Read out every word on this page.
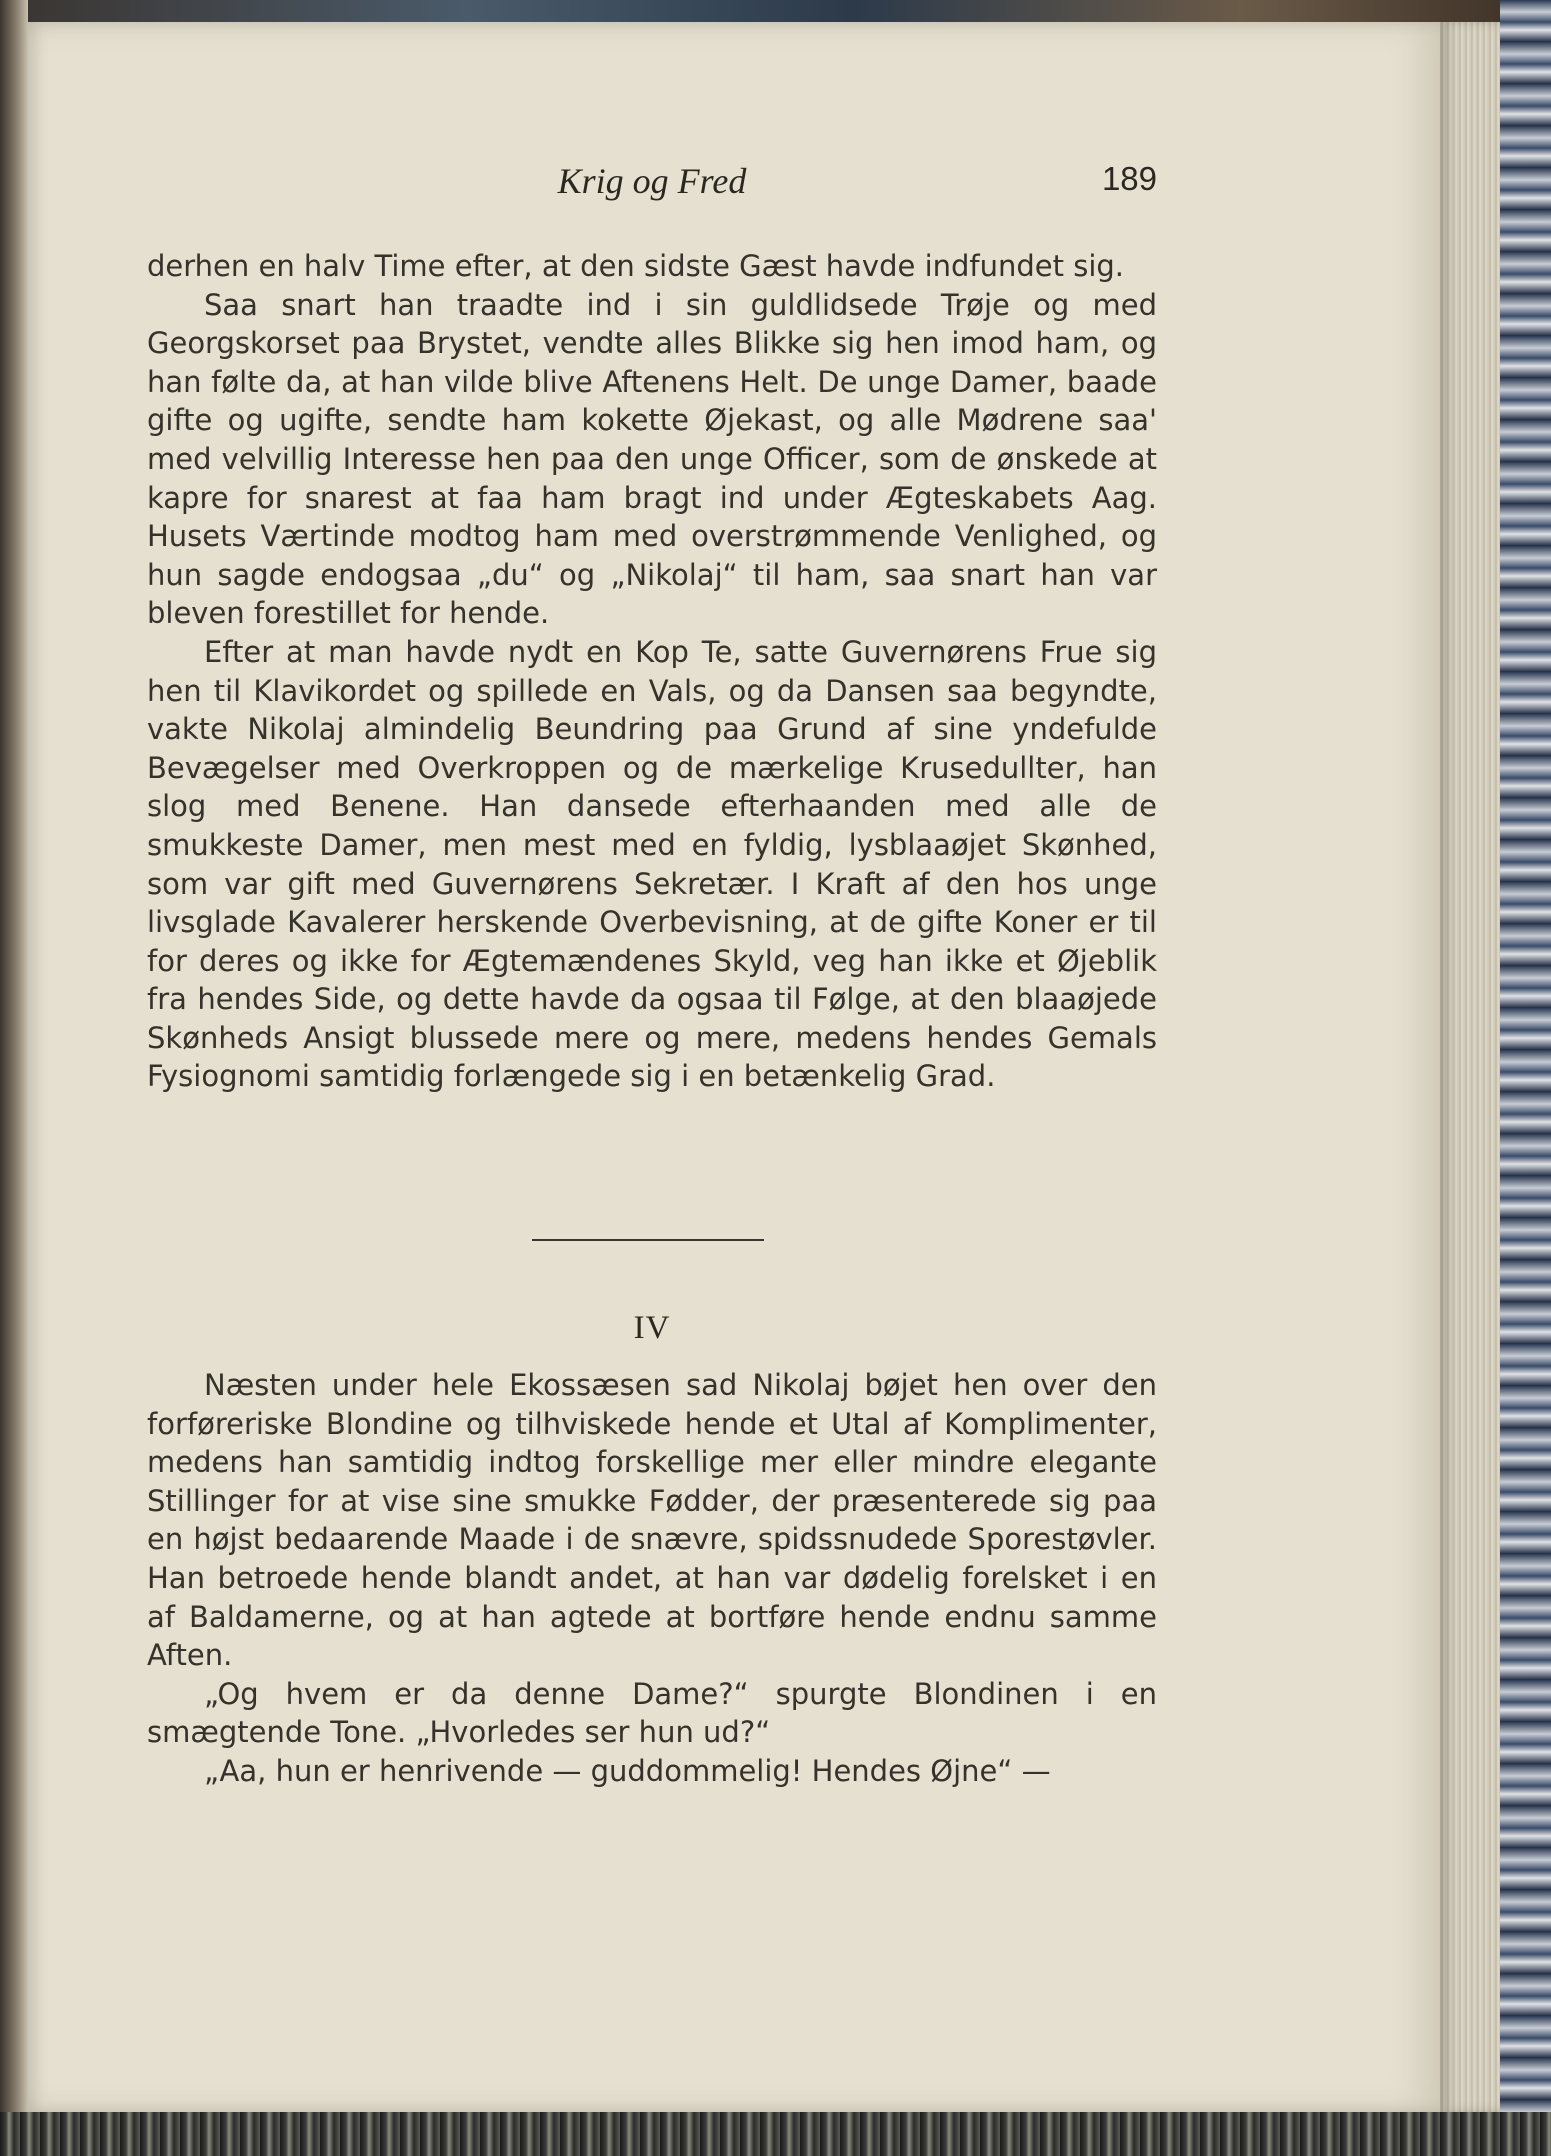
Krig og Fred	189

derhen en halv Time efter, at den sidste Gæst havde indfundet sig.

Saa snart han traadte ind i sin guldlidsede Trøje og med Georgskorset paa Brystet, vendte alles Blikke sig hen imod ham, og han følte da, at han vilde blive Aftenens Helt. De unge Damer, baade gifte og ugifte, sendte ham kokette Øjekast, og alle Mødrene saa' med velvillig Interesse hen paa den unge Officer, som de ønskede at kapre for snarest at faa ham bragt ind under Ægteskabets Aag. Husets Værtinde modtog ham med overstrømmende Venlighed, og hun sagde endogsaa „du“ og „Nikolaj“ til ham, saa snart han var bleven forestillet for hende.

Efter at man havde nydt en Kop Te, satte Guvernørens Frue sig hen til Klavikordet og spillede en Vals, og da Dansen saa begyndte, vakte Nikolaj almindelig Beundring paa Grund af sine yndefulde Bevægelser med Overkroppen og de mærkelige Krusedullter, han slog med Benene. Han dansede efterhaanden med alle de smukkeste Damer, men mest med en fyldig, lysblaaøjet Skønhed, som var gift med Guvernørens Sekretær. I Kraft af den hos unge livsglade Kavalerer herskende Overbevisning, at de gifte Koner er til for deres og ikke for Ægtemændenes Skyld, veg han ikke et Øjeblik fra hendes Side, og dette havde da ogsaa til Følge, at den blaaøjede Skønheds Ansigt blussede mere og mere, medens hendes Gemals Fysiognomi samtidig forlængede sig i en betænkelig Grad.

IV

Næsten under hele Ekossæsen sad Nikolaj bøjet hen over den forføreriske Blondine og tilhviskede hende et Utal af Komplimenter, medens han samtidig indtog forskellige mer eller mindre elegante Stillinger for at vise sine smukke Fødder, der præsenterede sig paa en højst bedaarende Maade i de snævre, spidssnudede Sporestøvler. Han betroede hende blandt andet, at han var dødelig forelsket i en af Baldamerne, og at han agtede at bortføre hende endnu samme Aften.

„Og hvem er da denne Dame?“ spurgte Blondinen i en smægtende Tone. „Hvorledes ser hun ud?“

„Aa, hun er henrivende — guddommelig! Hendes Øjne“ —
